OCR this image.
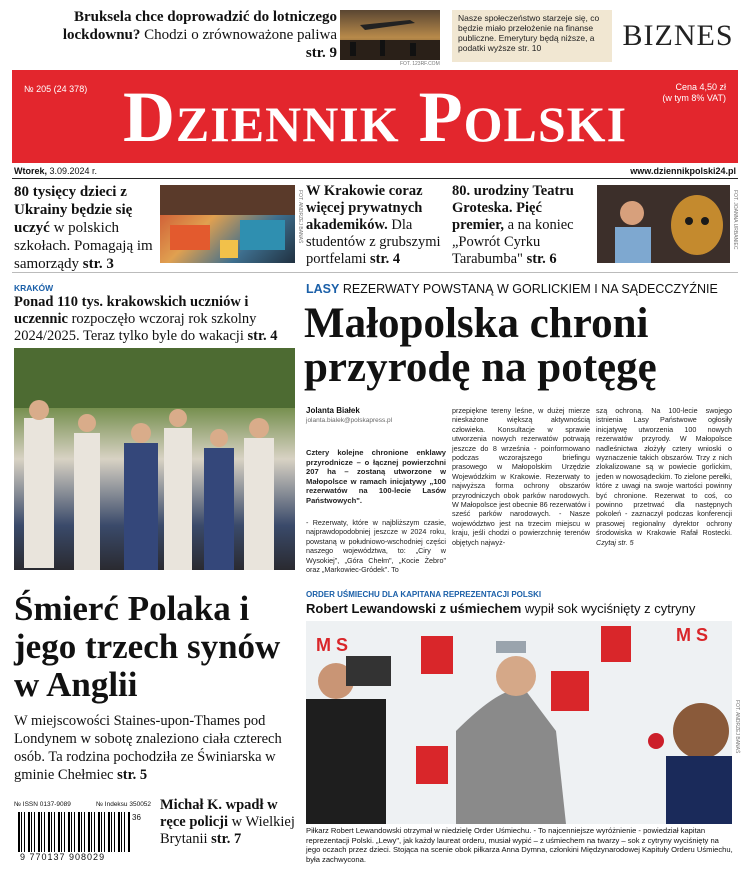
Bruksela chce doprowadzić do lotniczego lockdownu? Chodzi o zrównoważone paliwa str. 9
FOT. 123RF.COM
Nasze społeczeństwo starzeje się, co będzie miało przełożenie na finanse publiczne. Emerytury będą niższe, a podatki wyższe str. 10	BIZNES
№ 205 (24 378) Dziennik Polski	Cena 4,50 zł
(w tym 8% VAT)
Wtorek, 3.09.2024 r.	www.dziennikpolski24.pl
80 tysięcy dzieci z Ukrainy będzie się uczyć w polskich szkołach. Pomagają im samorządy str. 3
FOT. ANDRZEJ BANAŚ W Krakowie coraz więcej prywatnych akademików. Dla studentów z grubszymi portfelami str. 4
80. urodziny Teatru Groteska. Pięć premier, a na koniec „Powrót Cyrku Tarabumba" str. 6
FOT. JOANNA URBANIEC
KRAKÓW
Ponad 110 tys. krakowskich uczniów i uczennic rozpoczęło wczoraj rok szkolny 2024/2025. Teraz tylko byle do wakacji str. 4
LASY REZERWATY POWSTANĄ W GORLICKIEM I NA SĄDECCZYŹNIE
Małopolska chroni przyrodę na potęgę
Jolanta Białek
jolanta.bialek@polskapress.pl
Cztery kolejne chronione enklawy przyrodnicze – o łącznej powierzchni 207 ha – zostaną utworzone w Małopolsce w ramach inicjatywy „100 rezerwatów na 100-lecie Lasów Państwowych".
- Rezerwaty, które w najbliższym czasie, najprawdopodobniej jeszcze w 2024 roku, powstaną w południowo-wschodniej części naszego województwa, to: „Ciry w Wysokiej", „Góra Chełm", „Kocie Żebro" oraz „Markowiec-Gródek". To
przepiękne tereny leśne, w dużej mierze nieskażone większą aktywnością człowieka. Konsultacje w sprawie utworzenia nowych rezerwatów potrwają jeszcze do 8 września - poinformowano podczas wczorajszego briefingu prasowego w Małopolskim Urzędzie Wojewódzkim w Krakowie. Rezerwaty to najwyższa forma ochrony obszarów przyrodniczych obok parków narodowych. W Małopolsce jest obecnie 86 rezerwatów i sześć parków narodowych. - Nasze województwo jest na trzecim miejscu w kraju, jeśli chodzi o powierzchnię terenów objętych najwyż-
szą ochroną. Na 100-lecie swojego istnienia Lasy Państwowe ogłosiły inicjatywę utworzenia 100 nowych rezerwatów przyrody. W Małopolsce nadleśnictwa złożyły cztery wnioski o wyznaczenie takich obszarów. Trzy z nich zlokalizowane są w powiecie gorlickim, jeden w nowosądeckim. To zielone perełki, które z uwagi na swoje wartości powinny być chronione. Rezerwat to coś, co powinno przetrwać dla następnych pokoleń - zaznaczył podczas konferencji prasowej regionalny dyrektor ochrony środowiska w Krakowie Rafał Rostecki. Czytaj str. 5
Śmierć Polaka i jego trzech synów w Anglii
W miejscowości Staines-upon-Thames pod Londynem w sobotę znaleziono ciała czterech osób. Ta rodzina pochodziła ze Świniarska w gminie Chełmiec str. 5
№ ISSN 0137-9089	№ Indeksu 350052
9 770137 908029
36
Michał K. wpadł w ręce policji w Wielkiej Brytanii str. 7
ORDER UŚMIECHU DLA KAPITANA REPREZENTACJI POLSKI
Robert Lewandowski z uśmiechem wypił sok wyciśnięty z cytryny
M S	M S
FOT. ANDRZEJ BANAŚ
Piłkarz Robert Lewandowski otrzymał w niedzielę Order Uśmiechu. - To najcenniejsze wyróżnienie - powiedział kapitan reprezentacji Polski. „Lewy", jak każdy laureat orderu, musiał wypić – z uśmiechem na twarzy – sok z cytryny wyciśnięty na jego oczach przez dzieci. Stojąca na scenie obok piłkarza Anna Dymna, członkini Międzynarodowej Kapituły Orderu Uśmiechu, była zachwycona.
